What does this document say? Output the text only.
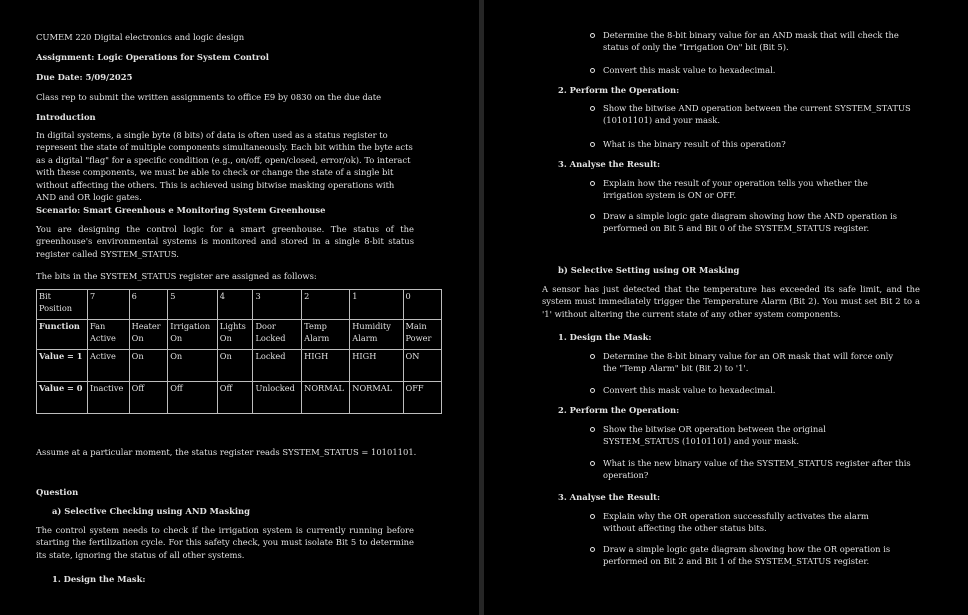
CUMEM 220 Digital electronics and logic design
Assignment: Logic Operations for System Control
Due Date: 5/09/2025
Class rep to submit the written assignments to office E9 by 0830 on the due date
Introduction
In digital systems, a single byte (8 bits) of data is often used as a status register to represent the state of multiple components simultaneously. Each bit within the byte acts as a digital "flag" for a specific condition (e.g., on/off, open/closed, error/ok). To interact with these components, we must be able to check or change the state of a single bit without affecting the others. This is achieved using bitwise masking operations with AND and OR logic gates.
Scenario: Smart Greenhous e Monitoring System Greenhouse
You are designing the control logic for a smart greenhouse. The status of the greenhouse's environmental systems is monitored and stored in a single 8-bit status register called SYSTEM_STATUS.
The bits in the SYSTEM_STATUS register are assigned as follows:
Bit Position	7	6	5	4	3	2	1	0
Function	Fan Active	Heater On	Irrigation On	Lights On	Door Locked	Temp Alarm	Humidity Alarm	Main Power
Value = 1	Active	On	On	On	Locked	HIGH	HIGH	ON
Value = 0	Inactive	Off	Off	Off	Unlocked	NORMAL	NORMAL	OFF
Assume at a particular moment, the status register reads SYSTEM_STATUS = 10101101.
Question
a) Selective Checking using AND Masking
The control system needs to check if the irrigation system is currently running before starting the fertilization cycle. For this safety check, you must isolate Bit 5 to determine its state, ignoring the status of all other systems.
1. Design the Mask:
Determine the 8-bit binary value for an AND mask that will check the status of only the "Irrigation On" bit (Bit 5).
Convert this mask value to hexadecimal.
2. Perform the Operation:
Show the bitwise AND operation between the current SYSTEM_STATUS (10101101) and your mask.
What is the binary result of this operation?
3. Analyse the Result:
Explain how the result of your operation tells you whether the irrigation system is ON or OFF.
Draw a simple logic gate diagram showing how the AND operation is performed on Bit 5 and Bit 0 of the SYSTEM_STATUS register.
b) Selective Setting using OR Masking
A sensor has just detected that the temperature has exceeded its safe limit, and the system must immediately trigger the Temperature Alarm (Bit 2). You must set Bit 2 to a '1' without altering the current state of any other system components.
1. Design the Mask:
Determine the 8-bit binary value for an OR mask that will force only the "Temp Alarm" bit (Bit 2) to '1'.
Convert this mask value to hexadecimal.
2. Perform the Operation:
Show the bitwise OR operation between the original SYSTEM_STATUS (10101101) and your mask.
What is the new binary value of the SYSTEM_STATUS register after this operation?
3. Analyse the Result:
Explain why the OR operation successfully activates the alarm without affecting the other status bits.
Draw a simple logic gate diagram showing how the OR operation is performed on Bit 2 and Bit 1 of the SYSTEM_STATUS register.
